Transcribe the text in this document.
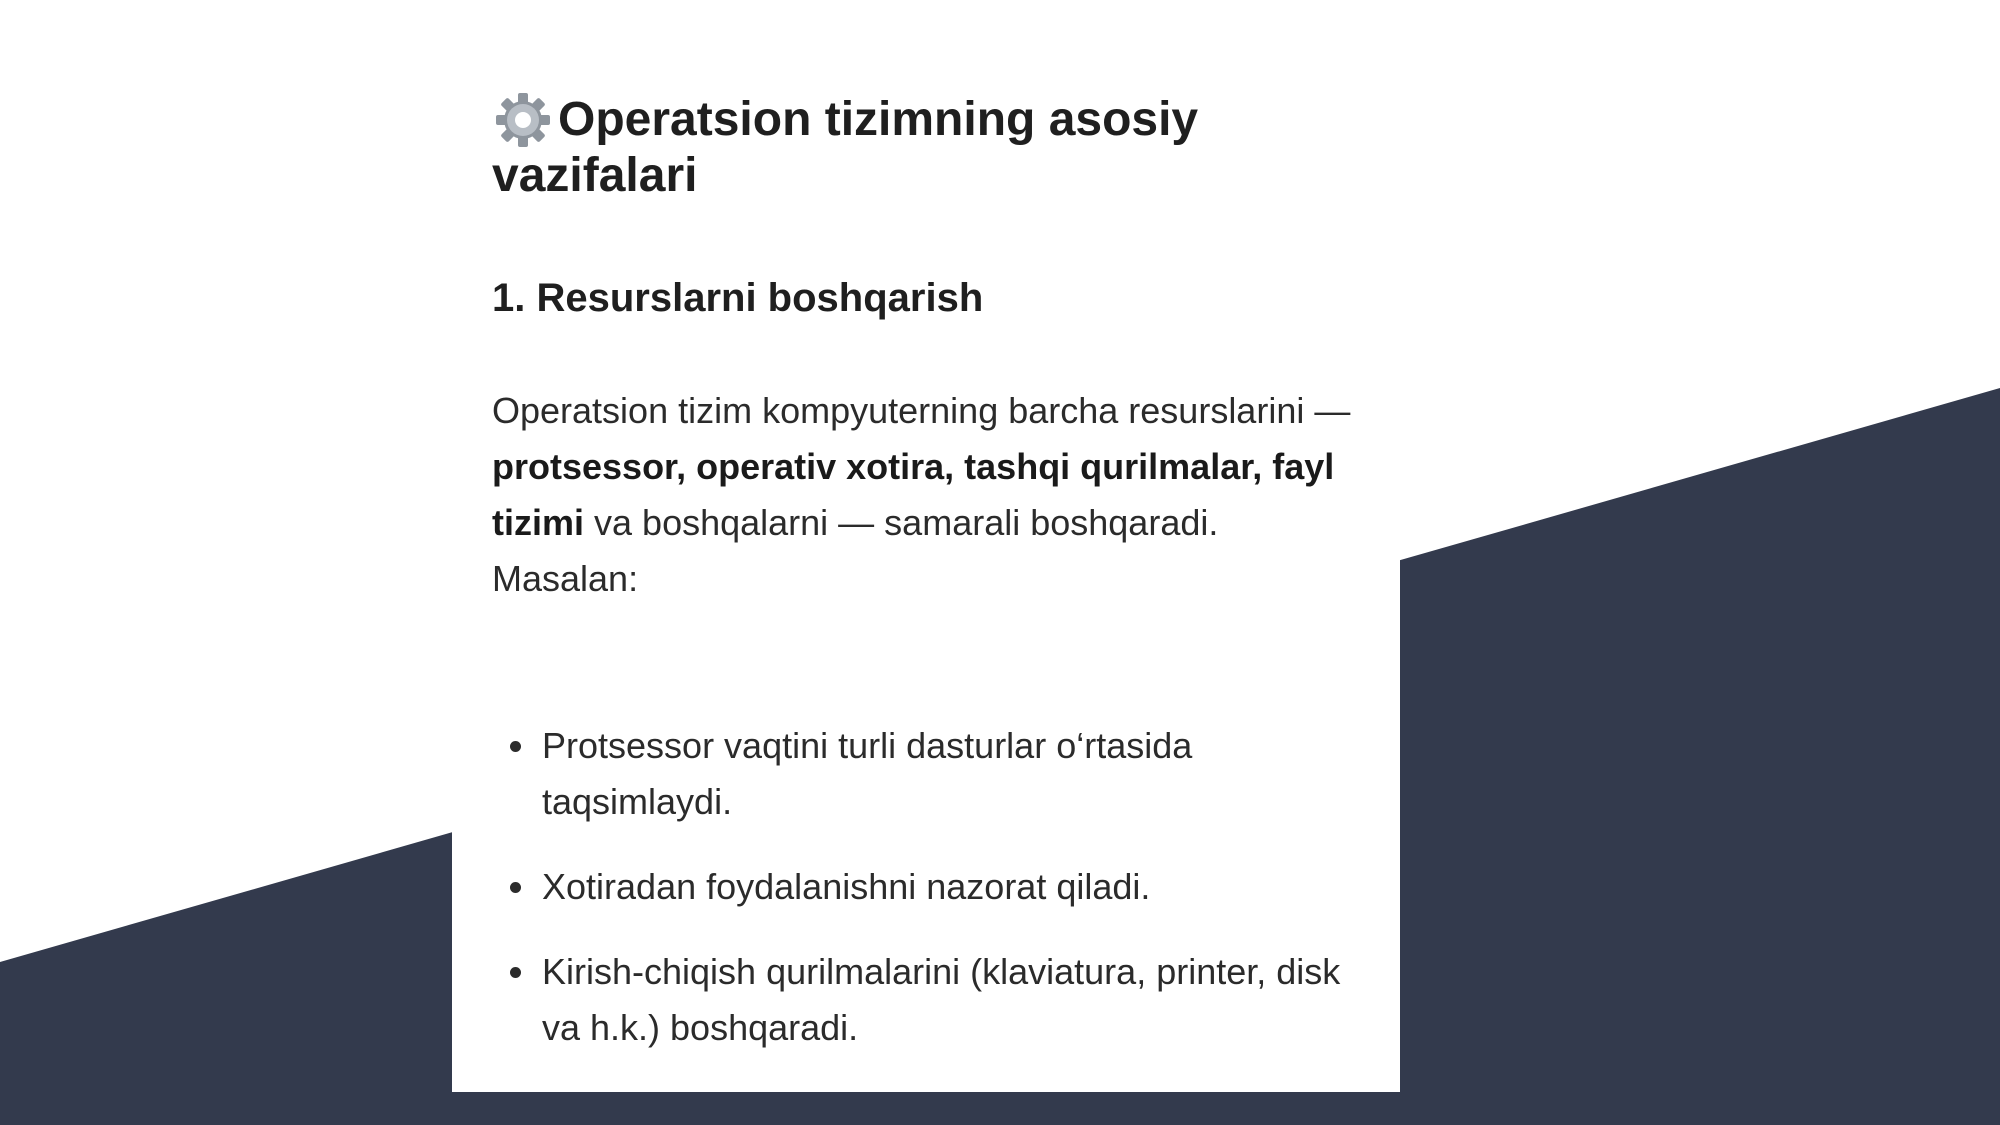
Operatsion tizimning asosiy vazifalari
1. Resurslarni boshqarish

Operatsion tizim kompyuterning barcha resurslarini — protsessor, operativ xotira, tashqi qurilmalar, fayl tizimi va boshqalarni — samarali boshqaradi.
Masalan:

Protsessor vaqtini turli dasturlar o‘rtasida taqsimlaydi.
Xotiradan foydalanishni nazorat qiladi.
Kirish-chiqish qurilmalarini (klaviatura, printer, disk va h.k.) boshqaradi.
